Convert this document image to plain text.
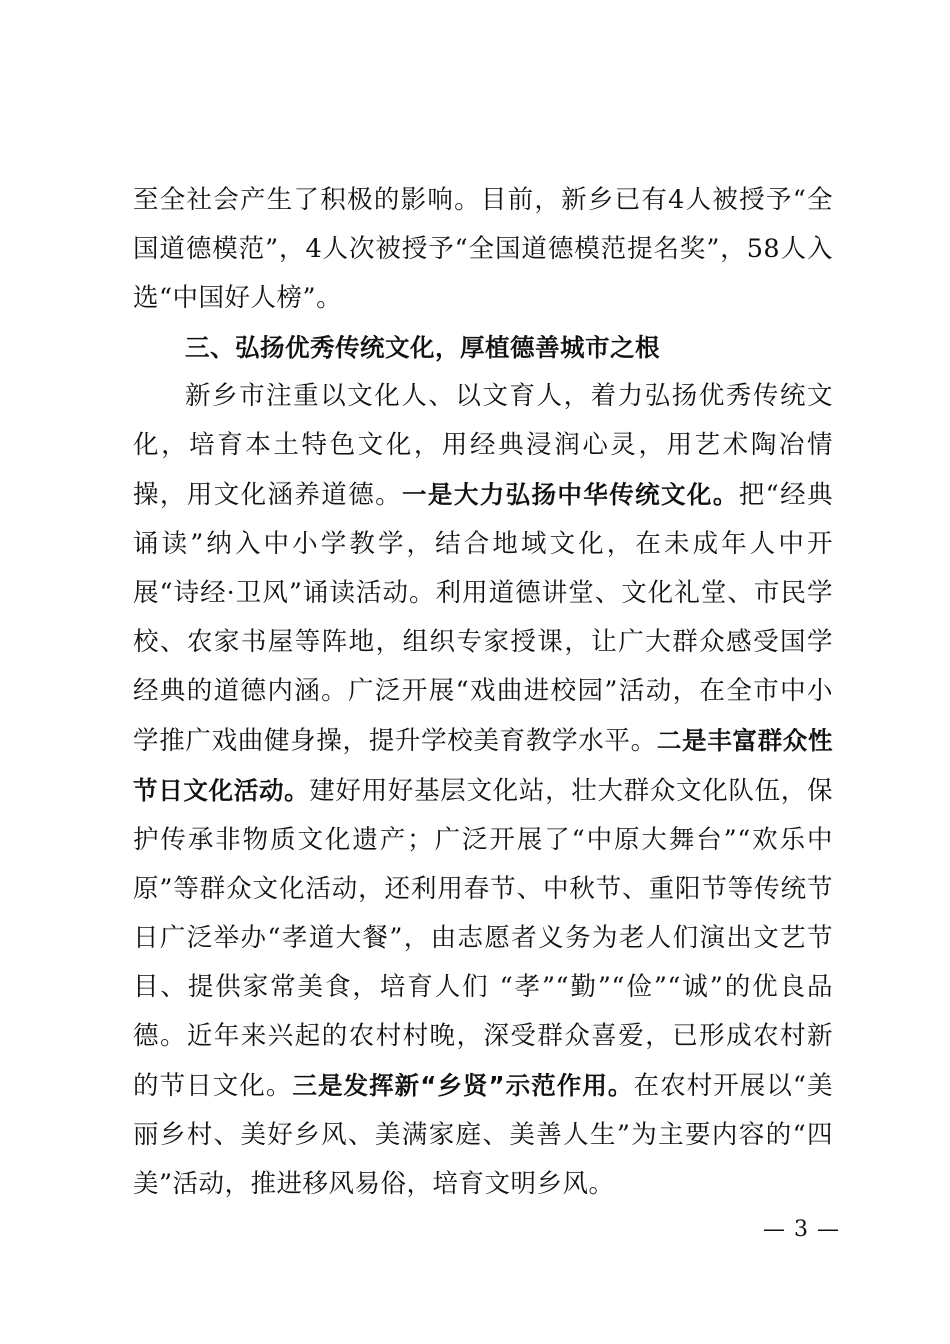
至全社会产生了积极的影响。目前，新乡已有4人被授予“全国道德模范”，4人次被授予“全国道德模范提名奖”，58人入选“中国好人榜”。

三、弘扬优秀传统文化，厚植德善城市之根

新乡市注重以文化人、以文育人，着力弘扬优秀传统文化，培育本土特色文化，用经典浸润心灵，用艺术陶冶情操，用文化涵养道德。一是大力弘扬中华传统文化。把“经典诵读”纳入中小学教学，结合地域文化，在未成年人中开展“诗经·卫风”诵读活动。利用道德讲堂、文化礼堂、市民学校、农家书屋等阵地，组织专家授课，让广大群众感受国学经典的道德内涵。广泛开展“戏曲进校园”活动，在全市中小学推广戏曲健身操，提升学校美育教学水平。二是丰富群众性节日文化活动。建好用好基层文化站，壮大群众文化队伍，保护传承非物质文化遗产；广泛开展了“中原大舞台”“欢乐中原”等群众文化活动，还利用春节、中秋节、重阳节等传统节日广泛举办“孝道大餐”，由志愿者义务为老人们演出文艺节目、提供家常美食，培育人们 “孝”“勤”“俭”“诚”的优良品德。近年来兴起的农村村晚，深受群众喜爱，已形成农村新的节日文化。三是发挥新“乡贤”示范作用。在农村开展以“美丽乡村、美好乡风、美满家庭、美善人生”为主要内容的“四美”活动，推进移风易俗，培育文明乡风。

— 3 —
